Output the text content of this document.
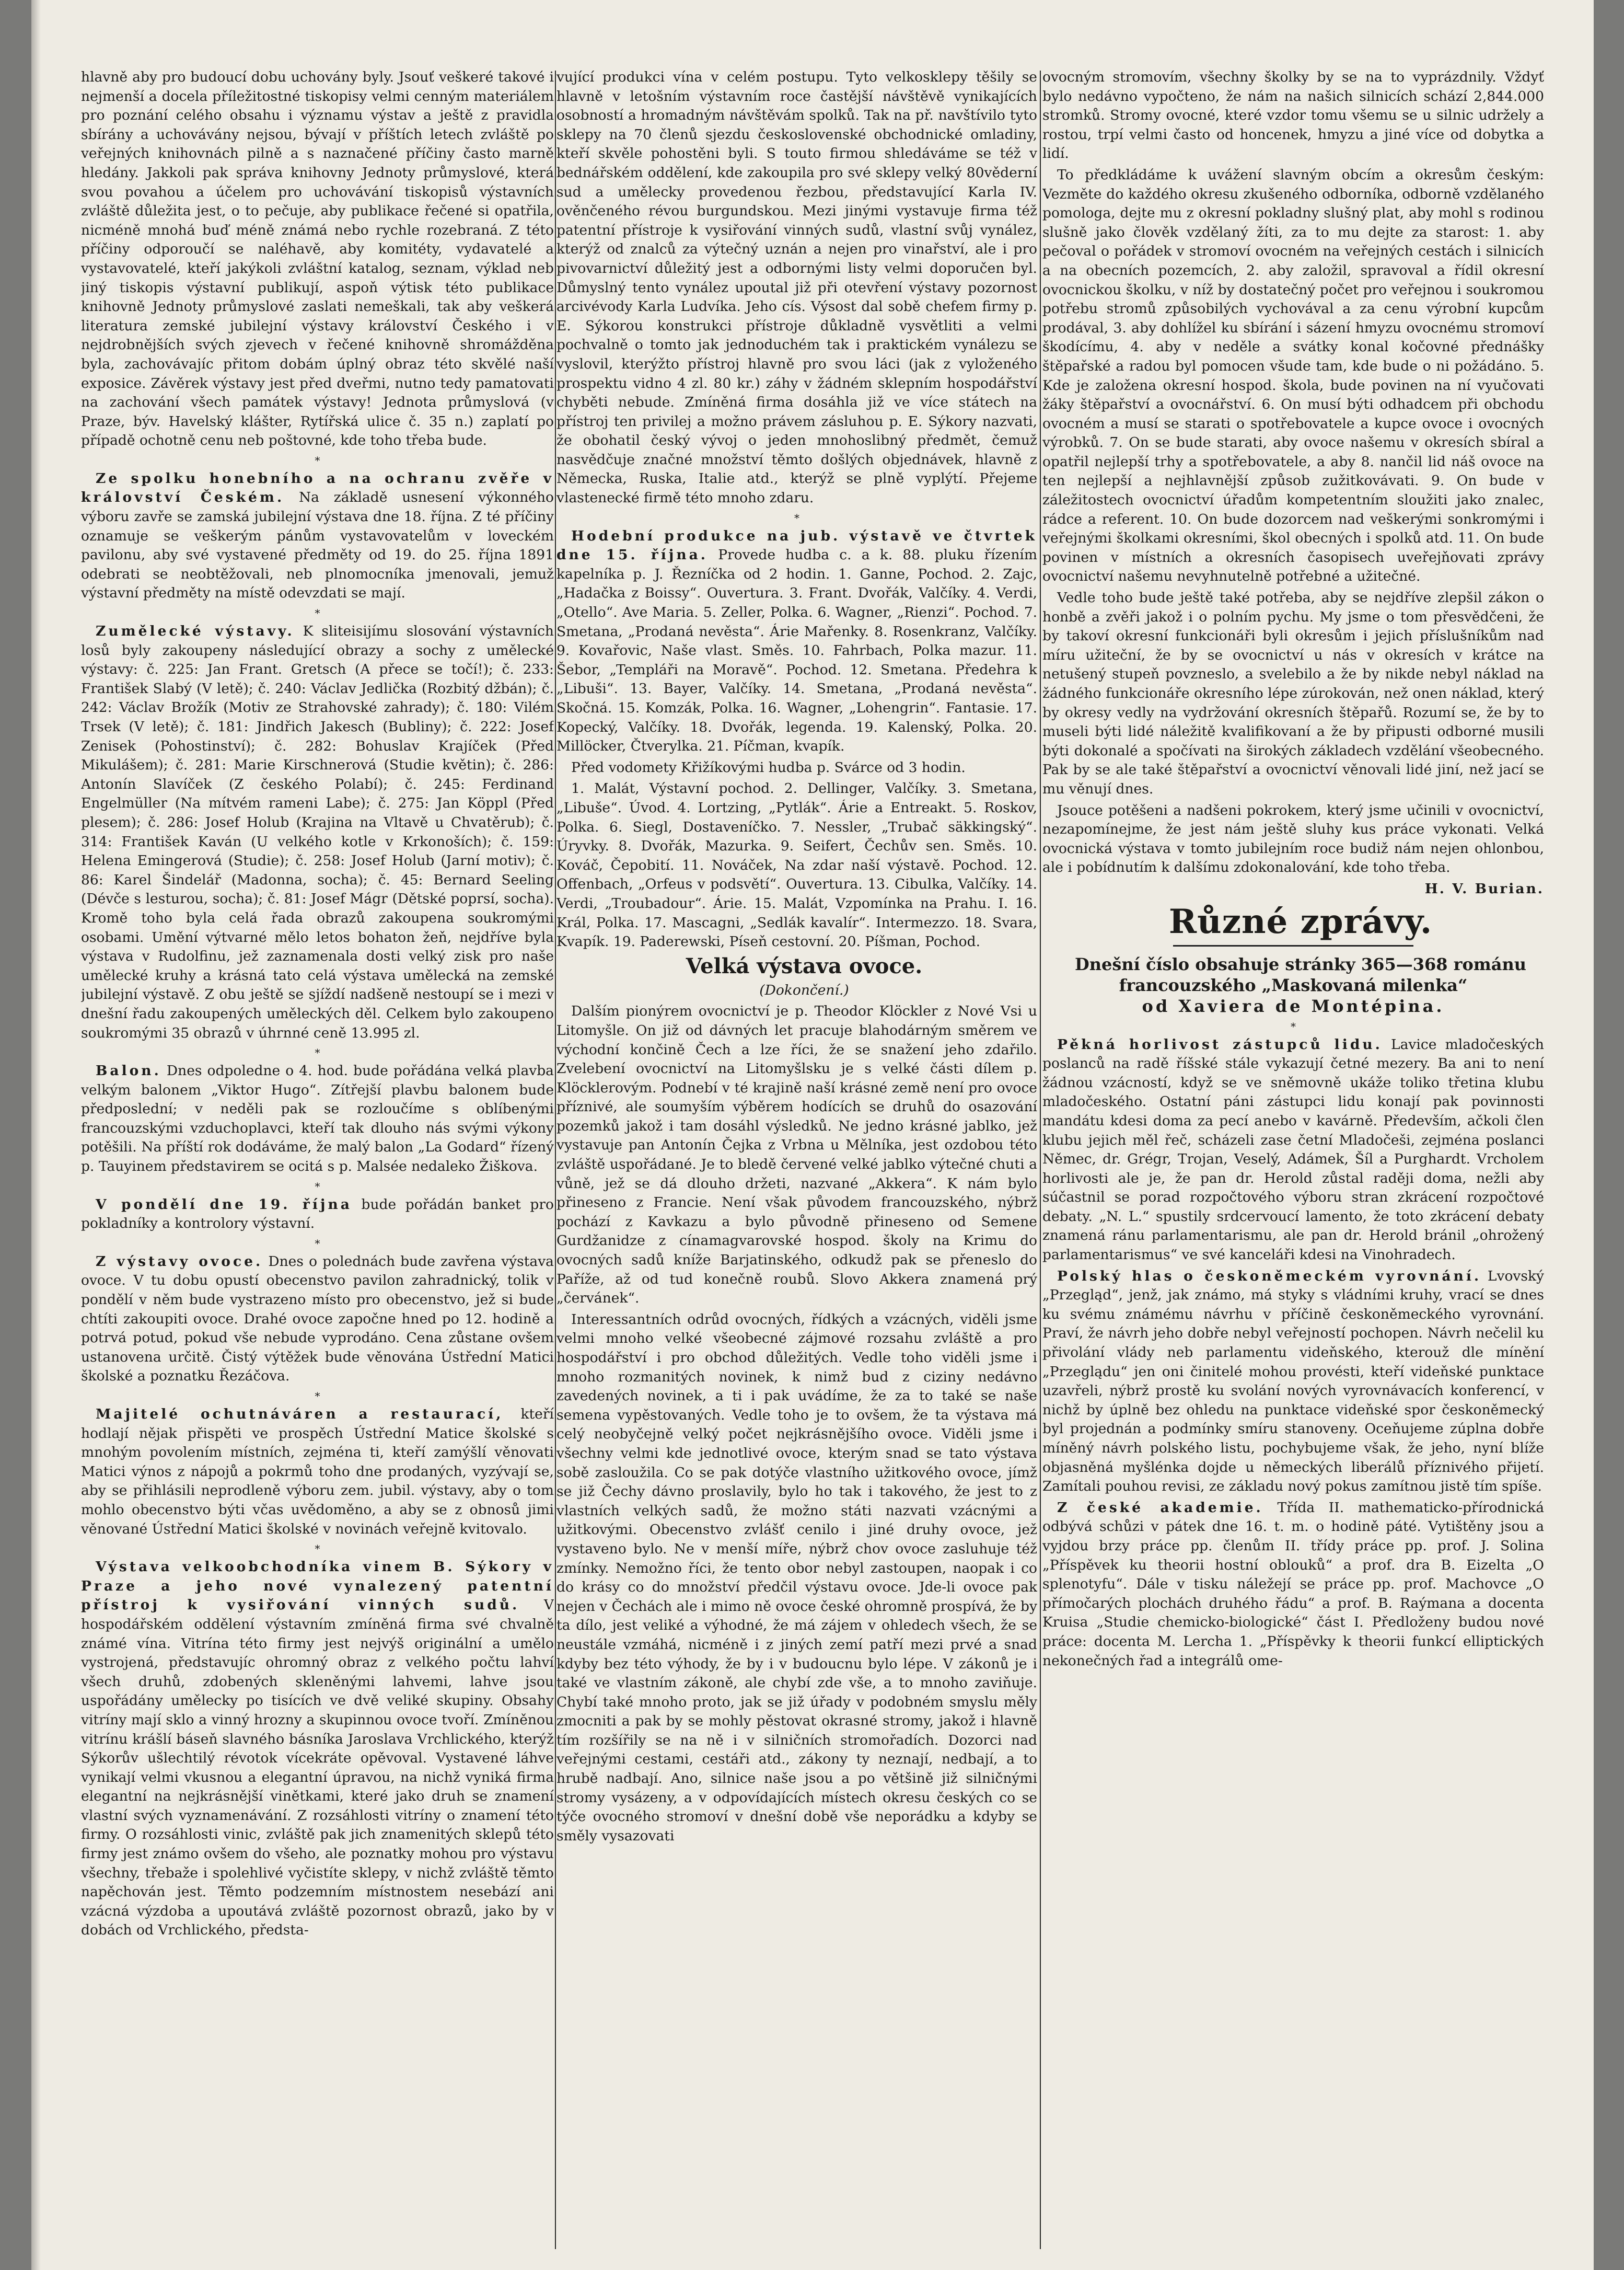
hlavně aby pro budoucí dobu uchovány byly. Jsouť veškeré takové i nejmenší a docela příležitostné tiskopisy velmi cenným materiálem pro poznání celého obsahu i významu výstav a ještě z pravidla sbírány a uchovávány nejsou, bývají v příštích letech zvláště po veřejných knihovnách pilně a s naznačené příčiny často marně hledány. Jakkoli pak správa knihovny Jednoty průmyslové, která svou povahou a účelem pro uchovávání tiskopisů výstavních zvláště důležita jest, o to pečuje, aby publikace řečené si opatřila, nicméně mnohá buď méně známá nebo rychle rozebraná. Z této příčiny odporoučí se naléhavě, aby komitéty, vydavatelé a vystavovatelé, kteří jakýkoli zvláštní katalog, seznam, výklad neb jiný tiskopis výstavní publikují, aspoň výtisk této publikace knihovně Jednoty průmyslové zaslati nemeškali, tak aby veškerá literatura zemské jubilejní výstavy království Českého i v nejdrobnějších svých zjevech v řečené knihovně shromážděna byla, zachovávajíc přitom dobám úplný obraz této skvělé naší exposice. Závěrek výstavy jest před dveřmi, nutno tedy pamatovati na zachování všech památek výstavy! Jednota průmyslová (v Praze, býv. Havelský klášter, Rytířská ulice č. 35 n.) zaplatí po případě ochotně cenu neb poštovné, kde toho třeba bude.

*

Ze spolku honebního a na ochranu zvěře v království Českém. Na základě usnesení výkonného výboru zavře se zamská jubilejní výstava dne 18. října. Z té příčiny oznamuje se veškerým pánům vystavovatelům v loveckém pavilonu, aby své vystavené předměty od 19. do 25. října 1891 odebrati se neobtěžovali, neb plnomocníka jmenovali, jemuž výstavní předměty na místě odevzdati se mají.

*

Zumělecké výstavy. K sliteisijímu slosování výstavních losů byly zakoupeny následující obrazy a sochy z umělecké výstavy: č. 225: Jan Frant. Gretsch (A přece se točí!); č. 233: František Slabý (V letě); č. 240: Václav Jedlička (Rozbitý džbán); č. 242: Václav Brožík (Motiv ze Strahovské zahrady); č. 180: Vilém Trsek (V letě); č. 181: Jindřich Jakesch (Bubliny); č. 222: Josef Zenisek (Pohostinství); č. 282: Bohuslav Krajíček (Před Mikulášem); č. 281: Marie Kirschnerová (Studie květin); č. 286: Antonín Slavíček (Z českého Polabí); č. 245: Ferdinand Engelmüller (Na mítvém rameni Labe); č. 275: Jan Köppl (Před plesem); č. 286: Josef Holub (Krajina na Vltavě u Chvatěrub); č. 314: František Kaván (U velkého kotle v Krkonoších); č. 159: Helena Emingerová (Studie); č. 258: Josef Holub (Jarní motiv); č. 86: Karel Šindelář (Madonna, socha); č. 45: Bernard Seeling (Dévče s lesturou, socha); č. 81: Josef Mágr (Dětské poprsí, socha). Kromě toho byla celá řada obrazů zakoupena soukromými osobami. Umění výtvarné mělo letos bohaton žeň, nejdříve byla výstava v Rudolfinu, jež zaznamenala dosti velký zisk pro naše umělecké kruhy a krásná tato celá výstava umělecká na zemské jubilejní výstavě. Z obu ještě se sjíždí nadšeně nestoupí se i mezi v dnešní řadu zakoupených uměleckých děl. Celkem bylo zakoupeno soukromými 35 obrazů v úhrnné ceně 13.995 zl.

*

Balon. Dnes odpoledne o 4. hod. bude pořádána velká plavba velkým balonem „Viktor Hugo“. Zítřejší plavbu balonem bude předposlední; v neděli pak se rozloučíme s oblíbenými francouzskými vzduchoplavci, kteří tak dlouho nás svými výkony potěšili. Na příští rok dodáváme, že malý balon „La Godard“ řízený p. Tauyinem představirem se ocitá s p. Malsée nedaleko Žiškova.

*

V pondělí dne 19. října bude pořádán banket pro pokladníky a kontrolory výstavní.

*

Z výstavy ovoce. Dnes o polednách bude zavřena výstava ovoce. V tu dobu opustí obecenstvo pavilon zahradnický, tolik v pondělí v něm bude vystrazeno místo pro obecenstvo, jež si bude chtíti zakoupiti ovoce. Drahé ovoce započne hned po 12. hodině a potrvá potud, pokud vše nebude vyprodáno. Cena zůstane ovšem ustanovena určitě. Čistý výtěžek bude věnována Ústřední Matici školské a poznatku Řezáčova.

*

Majitelé ochutnáváren a restaurací, kteří hodlají nějak přispěti ve prospěch Ústřední Matice školské s mnohým povolením místních, zejména ti, kteří zamýšlí věnovati Matici výnos z nápojů a pokrmů toho dne prodaných, vyzývají se, aby se přihlásili neprodleně výboru zem. jubil. výstavy, aby o tom mohlo obecenstvo býti včas uvědoměno, a aby se z obnosů jimi věnované Ústřední Matici školské v novinách veřejně kvitovalo.

*

Výstava velkoobchodníka vinem B. Sýkory v Praze a jeho nové vynalezený patentní přístroj k vysiřování vinných sudů. V hospodářském oddělení výstavním zmíněná firma své chvalně známé vína. Vitrína této firmy jest nejvýš originální a umělo vystrojená, představujíc ohromný obraz z velkého počtu lahví všech druhů, zdobených skleněnými lahvemi, lahve jsou uspořádány umělecky po tisících ve dvě veliké skupiny. Obsahy vitríny mají sklo a vinný hrozny a skupinnou ovoce tvoří. Zmíněnou vitrínu krášlí báseň slavného básníka Jaroslava Vrchlického, kterýž Sýkorův ušlechtilý révotok vícekráte opěvoval. Vystavené láhve vynikají velmi vkusnou a elegantní úpravou, na nichž vyniká firma elegantní na nejkrásnější vinětkami, které jako druh se znamení vlastní svých vyznamenávání. Z rozsáhlosti vitríny o znamení této firmy. O rozsáhlosti vinic, zvláště pak jich znamenitých sklepů této firmy jest známo ovšem do všeho, ale poznatky mohou pro výstavu všechny, třebaže i spolehlivé vyčistíte sklepy, v nichž zvláště těmto napěchován jest. Těmto podzemním místnostem nesebází ani vzácná výzdoba a upoutává zvláště pozornost obrazů, jako by v dobách od Vrchlického, předsta-

vující produkci vína v celém postupu. Tyto velkosklepy těšily se hlavně v letošním výstavním roce častější návštěvě vynikajících osobností a hromadným návštěvám spolků. Tak na př. navštívilo tyto sklepy na 70 členů sjezdu československé obchodnické omladiny, kteří skvěle pohostěni byli. S touto firmou shledáváme se též v bednářském oddělení, kde zakoupila pro své sklepy velký 80věderní sud a umělecky provedenou řezbou, představující Karla IV. ověnčeného révou burgundskou. Mezi jinými vystavuje firma též patentní přístroje k vysiřování vinných sudů, vlastní svůj vynález, kterýž od znalců za výtečný uznán a nejen pro vinařství, ale i pro pivovarnictví důležitý jest a odbornými listy velmi doporučen byl. Důmyslný tento vynález upoutal již při otevření výstavy pozornost arcivévody Karla Ludvíka. Jeho cís. Výsost dal sobě chefem firmy p. E. Sýkorou konstrukci přístroje důkladně vysvětliti a velmi pochvalně o tomto jak jednoduchém tak i praktickém vynálezu se vyslovil, kterýžto přístroj hlavně pro svou láci (jak z vyloženého prospektu vidno 4 zl. 80 kr.) záhy v žádném sklepním hospodářství chyběti nebude. Zmíněná firma dosáhla již ve více státech na přístroj ten privilej a možno právem zásluhou p. E. Sýkory nazvati, že obohatil český vývoj o jeden mnohoslibný předmět, čemuž nasvědčuje značné množství těmto došlých objednávek, hlavně z Německa, Ruska, Italie atd., kterýž se plně vyplýtí. Přejeme vlastenecké firmě této mnoho zdaru.

*

Hodební produkce na jub. výstavě ve čtvrtek dne 15. října. Provede hudba c. a k. 88. pluku řízením kapelníka p. J. Řezníčka od 2 hodin. 1. Ganne, Pochod. 2. Zajc, „Hadačka z Boissy“. Ouvertura. 3. Frant. Dvořák, Valčíky. 4. Verdi, „Otello“. Ave Maria. 5. Zeller, Polka. 6. Wagner, „Rienzi“. Pochod. 7. Smetana, „Prodaná nevěsta“. Árie Mařenky. 8. Rosenkranz, Valčíky. 9. Kovařovic, Naše vlast. Směs. 10. Fahrbach, Polka mazur. 11. Šebor, „Templáři na Moravě“. Pochod. 12. Smetana. Předehra k „Libuši“. 13. Bayer, Valčíky. 14. Smetana, „Prodaná nevěsta“. Skočná. 15. Komzák, Polka. 16. Wagner, „Lohengrin“. Fantasie. 17. Kopecký, Valčíky. 18. Dvořák, legenda. 19. Kalenský, Polka. 20. Millöcker, Čtverylka. 21. Píčman, kvapík.

Před vodomety Křižíkovými hudba p. Svárce od 3 hodin.

1. Malát, Výstavní pochod. 2. Dellinger, Valčíky. 3. Smetana, „Libuše“. Úvod. 4. Lortzing, „Pytlák“. Árie a Entreakt. 5. Roskov, Polka. 6. Siegl, Dostaveníčko. 7. Nessler, „Trubač säkkingský“. Úryvky. 8. Dvořák, Mazurka. 9. Seifert, Čechův sen. Směs. 10. Kováč, Čepobití. 11. Nováček, Na zdar naší výstavě. Pochod. 12. Offenbach, „Orfeus v podsvětí“. Ouvertura. 13. Cibulka, Valčíky. 14. Verdi, „Troubadour“. Árie. 15. Malát, Vzpomínka na Prahu. I. 16. Král, Polka. 17. Mascagni, „Sedlák kavalír“. Intermezzo. 18. Svara, Kvapík. 19. Paderewski, Píseň cestovní. 20. Píšman, Pochod.

Velká výstava ovoce.

(Dokončení.)

Dalším pionýrem ovocnictví je p. Theodor Klöckler z Nové Vsi u Litomyšle. On již od dávných let pracuje blahodárným směrem ve východní končině Čech a lze říci, že se snažení jeho zdařilo. Zvelebení ovocnictví na Litomyšlsku je s velké části dílem p. Klöcklerovým. Podnebí v té krajině naší krásné země není pro ovoce příznivé, ale soumyším výběrem hodících se druhů do osazování pozemků jakož i tam dosáhl výsledků. Ne jedno krásné jablko, jež vystavuje pan Antonín Čejka z Vrbna u Mělníka, jest ozdobou této zvláště uspořádané. Je to bledě červené velké jablko výtečné chuti a vůně, jež se dá dlouho držeti, nazvané „Akkera“. K nám bylo přineseno z Francie. Není však původem francouzského, nýbrž pochází z Kavkazu a bylo původně přineseno od Semene Gurdžanidze z cínamagvarovské hospod. školy na Krimu do ovocných sadů kníže Barjatinského, odkudž pak se přeneslo do Paříže, až od tud konečně roubů. Slovo Akkera znamená prý „červánek“.

Interessantních odrůd ovocných, řídkých a vzácných, viděli jsme velmi mnoho velké všeobecné zájmové rozsahu zvláště a pro hospodářství i pro obchod důležitých. Vedle toho viděli jsme i mnoho rozmanitých novinek, k nimž bud z ciziny nedávno zavedených novinek, a ti i pak uvádíme, že za to také se naše semena vypěstovaných. Vedle toho je to ovšem, že ta výstava má celý neobyčejně velký počet nejkrásnějšího ovoce. Viděli jsme i všechny velmi kde jednotlivé ovoce, kterým snad se tato výstava sobě zasloužila. Co se pak dotýče vlastního užitkového ovoce, jímž se již Čechy dávno proslavily, bylo ho tak i takového, že jest to z vlastních velkých sadů, že možno státi nazvati vzácnými a užitkovými. Obecenstvo zvlášť cenilo i jiné druhy ovoce, jež vystaveno bylo. Ne v menší míře, nýbrž chov ovoce zasluhuje též zmínky. Nemožno říci, že tento obor nebyl zastoupen, naopak i co do krásy co do množství předčil výstavu ovoce. Jde-li ovoce pak nejen v Čechách ale i mimo ně ovoce české ohromně prospívá, že by ta dílo, jest veliké a výhodné, že má zájem v ohledech všech, že se neustále vzmáhá, nicméně i z jiných zemí patří mezi prvé a snad kdyby bez této výhody, že by i v budoucnu bylo lépe. V zákonů je i také ve vlastním zákoně, ale chybí zde vše, a to mnoho zaviňuje. Chybí také mnoho proto, jak se již úřady v podobném smyslu měly zmocniti a pak by se mohly pěstovat okrasné stromy, jakož i hlavně tím rozšířily se na ně i v silničních stromořadích. Dozorci nad veřejnými cestami, cestáři atd., zákony ty neznají, nedbají, a to hrubě nadbají. Ano, silnice naše jsou a po většině již silničnými stromy vysázeny, a v odpovídajících místech okresu českých co se týče ovocného stromoví v dnešní době vše neporádku a kdyby se směly vysazovati

ovocným stromovím, všechny školky by se na to vyprázdnily. Vždyť bylo nedávno vypočteno, že nám na našich silnicích schází 2,844.000 stromků. Stromy ovocné, které vzdor tomu všemu se u silnic udržely a rostou, trpí velmi často od honcenek, hmyzu a jiné více od dobytka a lidí.

To předkládáme k uvážení slavným obcím a okresům českým: Vezměte do každého okresu zkušeného odborníka, odborně vzdělaného pomologa, dejte mu z okresní pokladny slušný plat, aby mohl s rodinou slušně jako člověk vzdělaný žíti, za to mu dejte za starost: 1. aby pečoval o pořádek v stromoví ovocném na veřejných cestách i silnicích a na obecních pozemcích, 2. aby založil, spravoval a řídil okresní ovocnickou školku, v níž by dostatečný počet pro veřejnou i soukromou potřebu stromů způsobilých vychovával a za cenu výrobní kupcům prodával, 3. aby dohlížel ku sbírání i sázení hmyzu ovocnému stromoví škodícímu, 4. aby v neděle a svátky konal kočovné přednášky štěpařské a radou byl pomocen všude tam, kde bude o ni požádáno. 5. Kde je založena okresní hospod. škola, bude povinen na ní vyučovati žáky štěpařství a ovocnářství. 6. On musí býti odhadcem při obchodu ovocném a musí se starati o spotřebovatele a kupce ovoce i ovocných výrobků. 7. On se bude starati, aby ovoce našemu v okresích sbíral a opatřil nejlepší trhy a spotřebovatele, a aby 8. nančil lid náš ovoce na ten nejlepší a nejhlavnější způsob zužitkovávati. 9. On bude v záležitostech ovocnictví úřadům kompetentním sloužiti jako znalec, rádce a referent. 10. On bude dozorcem nad veškerými sonkromými i veřejnými školkami okresními, škol obecných i spolků atd. 11. On bude povinen v místních a okresních časopisech uveřejňovati zprávy ovocnictví našemu nevyhnutelně potřebné a užitečné.

Vedle toho bude ještě také potřeba, aby se nejdříve zlepšil zákon o honbě a zvěři jakož i o polním pychu. My jsme o tom přesvědčeni, že by takoví okresní funkcionáři byli okresům i jejich příslušníkům nad míru užiteční, že by se ovocnictví u nás v okresích v krátce na netušený stupeň povzneslo, a svelebilo a že by nikde nebyl náklad na žádného funkcionáře okresního lépe zúrokován, než onen náklad, který by okresy vedly na vydržování okresních štěpařů. Rozumí se, že by to museli býti lidé náležitě kvalifikovaní a že by připusti odborné musili býti dokonalé a spočívati na širokých základech vzdělání všeobecného. Pak by se ale také štěpařství a ovocnictví věnovali lidé jiní, než jací se mu věnují dnes.

Jsouce potěšeni a nadšeni pokrokem, který jsme učinili v ovocnictví, nezapomínejme, že jest nám ještě sluhy kus práce vykonati. Velká ovocnická výstava v tomto jubilejním roce budiž nám nejen ohlonbou, ale i pobídnutím k dalšímu zdokonalování, kde toho třeba.

H. V. Burian.

Různé zprávy.

Dnešní číslo obsahuje stránky 365—368 románu francouzského „Maskovaná milenka“
od Xaviera de Montépina.

*

Pěkná horlivost zástupců lidu. Lavice mladočeských poslanců na radě říšské stále vykazují četné mezery. Ba ani to není žádnou vzácností, když se ve sněmovně ukáže toliko třetina klubu mladočeského. Ostatní páni zástupci lidu konají pak povinnosti mandátu kdesi doma za pecí anebo v kavárně. Především, ačkoli člen klubu jejich měl řeč, scházeli zase četní Mladočeši, zejména poslanci Němec, dr. Grégr, Trojan, Veselý, Adámek, Šíl a Purghardt. Vrcholem horlivosti ale je, že pan dr. Herold zůstal raději doma, nežli aby súčastnil se porad rozpočtového výboru stran zkrácení rozpočtové debaty. „N. L.“ spustily srdcervoucí lamento, že toto zkrácení debaty znamená ránu parlamentarismu, ale pan dr. Herold bránil „ohrožený parlamentarismus“ ve své kanceláři kdesi na Vinohradech.

Polský hlas o českoněmeckém vyrovnání. Lvovský „Przegląd“, jenž, jak známo, má styky s vládními kruhy, vrací se dnes ku svému známému návrhu v příčině českoněmeckého vyrovnání. Praví, že návrh jeho dobře nebyl veřejností pochopen. Návrh nečelil ku přivolání vlády neb parlamentu videňského, kterouž dle mínění „Przeglądu“ jen oni činitelé mohou provésti, kteří videňské punktace uzavřeli, nýbrž prostě ku svolání nových vyrovnávacích konferencí, v nichž by úplně bez ohledu na punktace videňské spor českoněmecký byl projednán a podmínky smíru stanoveny. Oceňujeme zúplna dobře míněný návrh polského listu, pochybujeme však, že jeho, nyní blíže objasněná myšlénka dojde u německých liberálů příznivého přijetí. Zamítali pouhou revisi, ze základu nový pokus zamítnou jistě tím spíše.

Z české akademie. Třída II. mathematicko-přírodnická odbývá schůzi v pátek dne 16. t. m. o hodině páté. Vytištěny jsou a vyjdou brzy práce pp. členům II. třídy práce pp. prof. J. Solina „Příspěvek ku theorii hostní oblouků“ a prof. dra B. Eizelta „O splenotyfu“. Dále v tisku náležejí se práce pp. prof. Machovce „O přímočarých plochách druhého řádu“ a prof. B. Raýmana a docenta Kruisa „Studie chemicko-biologické“ část I. Předloženy budou nové práce: docenta M. Lercha 1. „Příspěvky k theorii funkcí elliptických nekonečných řad a integrálů ome-
